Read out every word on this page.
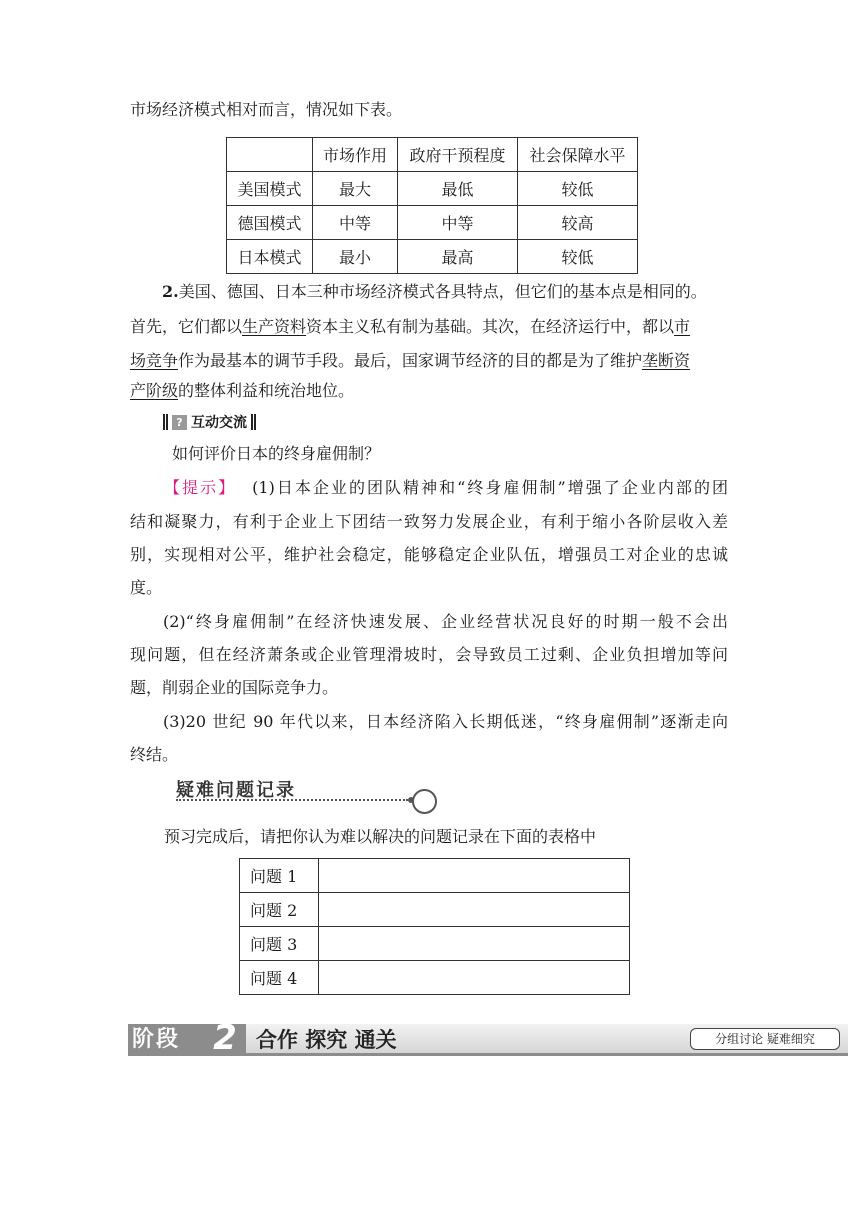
市场经济模式相对而言，情况如下表。
	市场作用	政府干预程度	社会保障水平
美国模式	最大	最低	较低
德国模式	中等	中等	较高
日本模式	最小	最高	较低
2.美国、德国、日本三种市场经济模式各具特点，但它们的基本点是相同的。
首先，它们都以生产资料资本主义私有制为基础。其次，在经济运行中，都以市
场竞争作为最基本的调节手段。最后，国家调节经济的目的都是为了维护垄断资
产阶级的整体利益和统治地位。
? 互动交流
如何评价日本的终身雇佣制？
【提示】 (1)日本企业的团队精神和“终身雇佣制”增强了企业内部的团
结和凝聚力，有利于企业上下团结一致努力发展企业，有利于缩小各阶层收入差
别，实现相对公平，维护社会稳定，能够稳定企业队伍，增强员工对企业的忠诚
度。
(2)“终身雇佣制”在经济快速发展、企业经营状况良好的时期一般不会出
现问题，但在经济萧条或企业管理滑坡时，会导致员工过剩、企业负担增加等问
题，削弱企业的国际竞争力。
(3)20 世纪 90 年代以来，日本经济陷入长期低迷，“终身雇佣制”逐渐走向
终结。
疑难问题记录
预习完成后，请把你认为难以解决的问题记录在下面的表格中
问题 1	
问题 2	
问题 3	
问题 4	
阶段 2 合作 探究 通关	分组讨论 疑难细究
